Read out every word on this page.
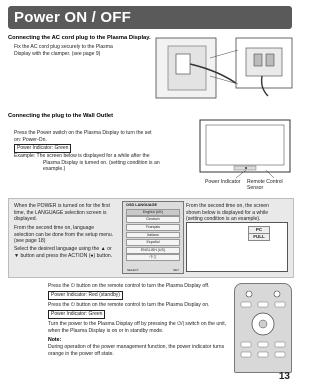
Power ON / OFF
Connecting the AC cord plug to the Plasma Display.
Fix the AC cord plug securely to the Plasma
Display with the clamper. (see page 9)
Connecting the plug to the Wall Outlet
Press the Power switch on the Plasma Display to turn the set
on: Power-On.
Power Indicator: Green
Example: The screen below is displayed for a while after the
Plasma Display is turned on. (setting condition is an
example.)
Power Indicator Remote Control Sensor
When the POWER is turned on for the first
time, the LANGUAGE selection screen is
displayed.
From the second time on, language
selection can be done from the setup menu.
(see page 18)
Select the desired language using the ▲ or
▼ button and press the ACTION (●) button.
OSD LANGUAGE
English (UK)
Deutsch
Français
Italiano
Español
ENGLISH (US)
中文
SELECT	SET
From the second time on, the screen
shown below is displayed for a while
(setting condition is an example).
PC
FULL
Press the ⏻ button on the remote control to turn the Plasma Display off.
Power Indicator: Red (standby)
Press the ⏻ button on the remote control to turn the Plasma Display on.
Power Indicator: Green
Turn the power to the Plasma Display off by pressing the ⏻/| switch on the unit,
when the Plasma Display is on or in standby mode.
Note:
During operation of the power management function, the power indicator turns
orange in the power off state.
13
